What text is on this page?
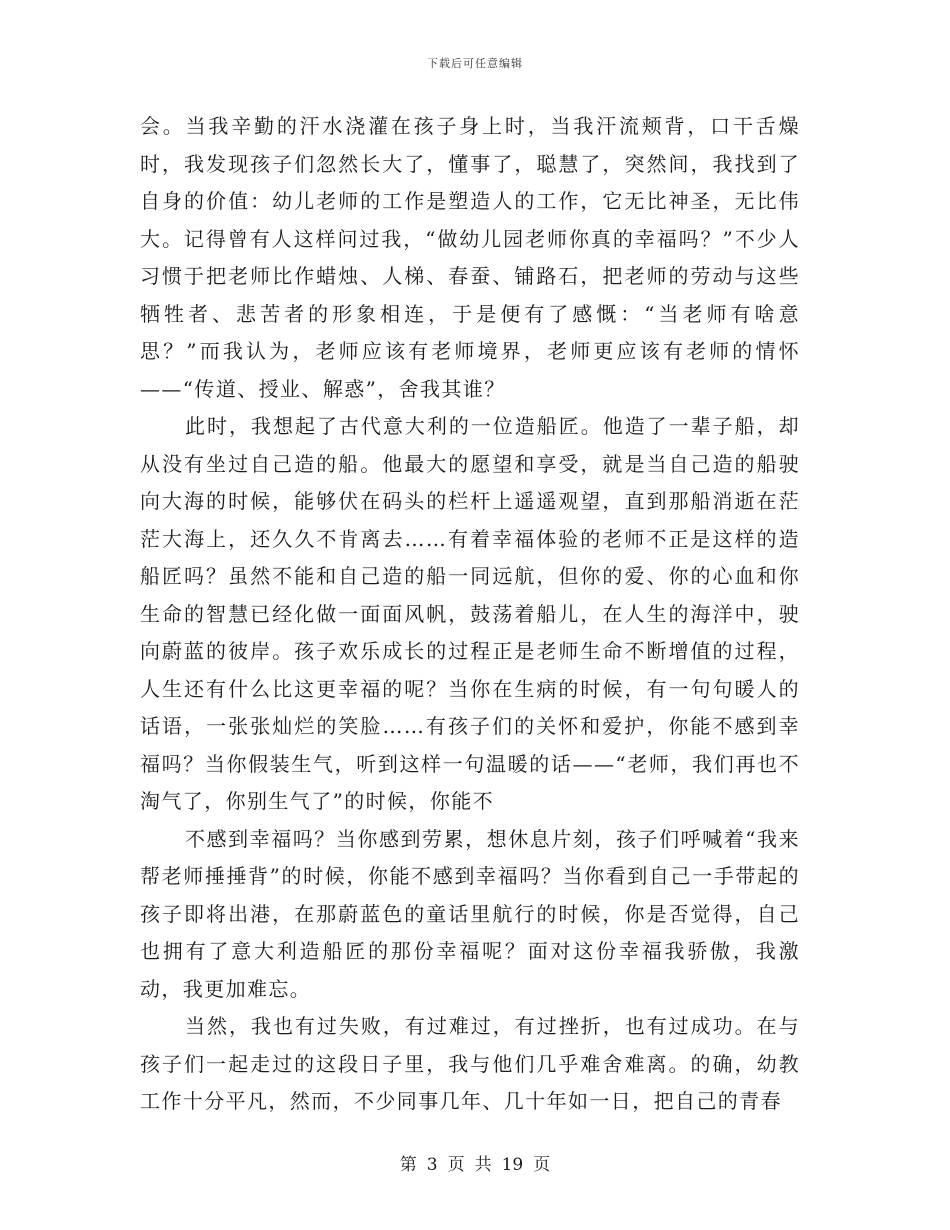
下载后可任意编辑

会。当我辛勤的汗水浇灌在孩子身上时，当我汗流颊背，口干舌燥时，我发现孩子们忽然长大了，懂事了，聪慧了，突然间，我找到了自身的价值：幼儿老师的工作是塑造人的工作，它无比神圣，无比伟大。记得曾有人这样问过我，“做幼儿园老师你真的幸福吗？”不少人习惯于把老师比作蜡烛、人梯、春蚕、铺路石，把老师的劳动与这些牺牲者、悲苦者的形象相连，于是便有了感慨：“当老师有啥意思？”而我认为，老师应该有老师境界，老师更应该有老师的情怀——“传道、授业、解惑”，舍我其谁？

此时，我想起了古代意大利的一位造船匠。他造了一辈子船，却从没有坐过自己造的船。他最大的愿望和享受，就是当自己造的船驶向大海的时候，能够伏在码头的栏杆上遥遥观望，直到那船消逝在茫茫大海上，还久久不肯离去……有着幸福体验的老师不正是这样的造船匠吗？虽然不能和自己造的船一同远航，但你的爱、你的心血和你生命的智慧已经化做一面面风帆，鼓荡着船儿，在人生的海洋中，驶向蔚蓝的彼岸。孩子欢乐成长的过程正是老师生命不断增值的过程，人生还有什么比这更幸福的呢？当你在生病的时候，有一句句暖人的话语，一张张灿烂的笑脸……有孩子们的关怀和爱护，你能不感到幸福吗？当你假装生气，听到这样一句温暖的话——“老师，我们再也不淘气了，你别生气了”的时候，你能不

不感到幸福吗？当你感到劳累，想休息片刻，孩子们呼喊着“我来帮老师捶捶背”的时候，你能不感到幸福吗？当你看到自己一手带起的孩子即将出港，在那蔚蓝色的童话里航行的时候，你是否觉得，自己也拥有了意大利造船匠的那份幸福呢？面对这份幸福我骄傲，我激动，我更加难忘。

当然，我也有过失败，有过难过，有过挫折，也有过成功。在与孩子们一起走过的这段日子里，我与他们几乎难舍难离。的确，幼教工作十分平凡，然而，不少同事几年、几十年如一日，把自己的青春

第 3 页 共 19 页
